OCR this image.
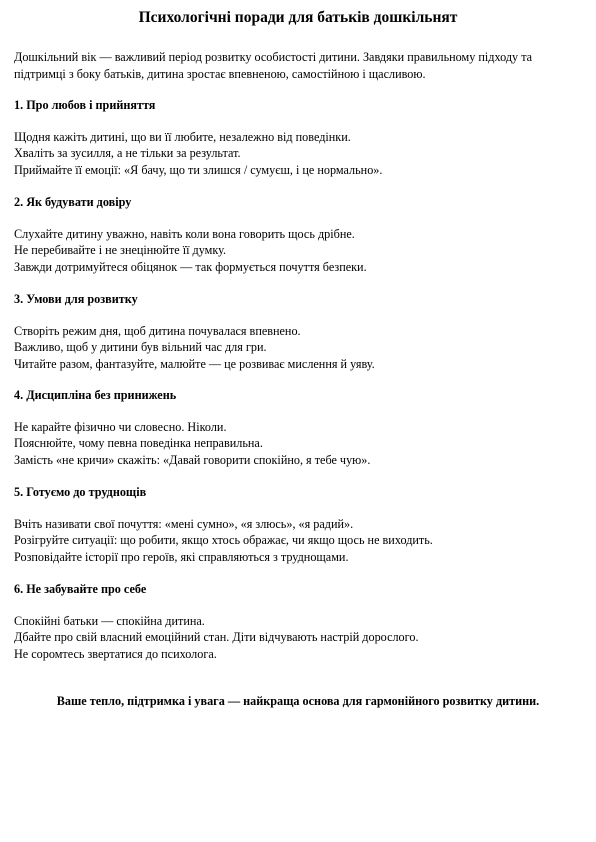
Психологічні поради для батьків дошкільнят

Дошкільний вік — важливий період розвитку особистості дитини. Завдяки правильному підходу та підтримці з боку батьків, дитина зростає впевненою, самостійною і щасливою.

1. Про любов і прийняття

Щодня кажіть дитині, що ви її любите, незалежно від поведінки.

Хваліть за зусилля, а не тільки за результат.

Приймайте її емоції: «Я бачу, що ти злишся / сумуєш, і це нормально».

2. Як будувати довіру

Слухайте дитину уважно, навіть коли вона говорить щось дрібне.

Не перебивайте і не знецінюйте її думку.

Завжди дотримуйтеся обіцянок — так формується почуття безпеки.

3. Умови для розвитку

Створіть режим дня, щоб дитина почувалася впевнено.

Важливо, щоб у дитини був вільний час для гри.

Читайте разом, фантазуйте, малюйте — це розвиває мислення й уяву.

4. Дисципліна без принижень

Не карайте фізично чи словесно. Ніколи.

Пояснюйте, чому певна поведінка неправильна.

Замість «не кричи» скажіть: «Давай говорити спокійно, я тебе чую».

5. Готуємо до труднощів

Вчіть називати свої почуття: «мені сумно», «я злюсь», «я радий».

Розігруйте ситуації: що робити, якщо хтось ображає, чи якщо щось не виходить.

Розповідайте історії про героїв, які справляються з труднощами.

6. Не забувайте про себе

Спокійні батьки — спокійна дитина.

Дбайте про свій власний емоційний стан. Діти відчувають настрій дорослого.

Не соромтесь звертатися до психолога.

Ваше тепло, підтримка і увага — найкраща основа для гармонійного розвитку дитини.
